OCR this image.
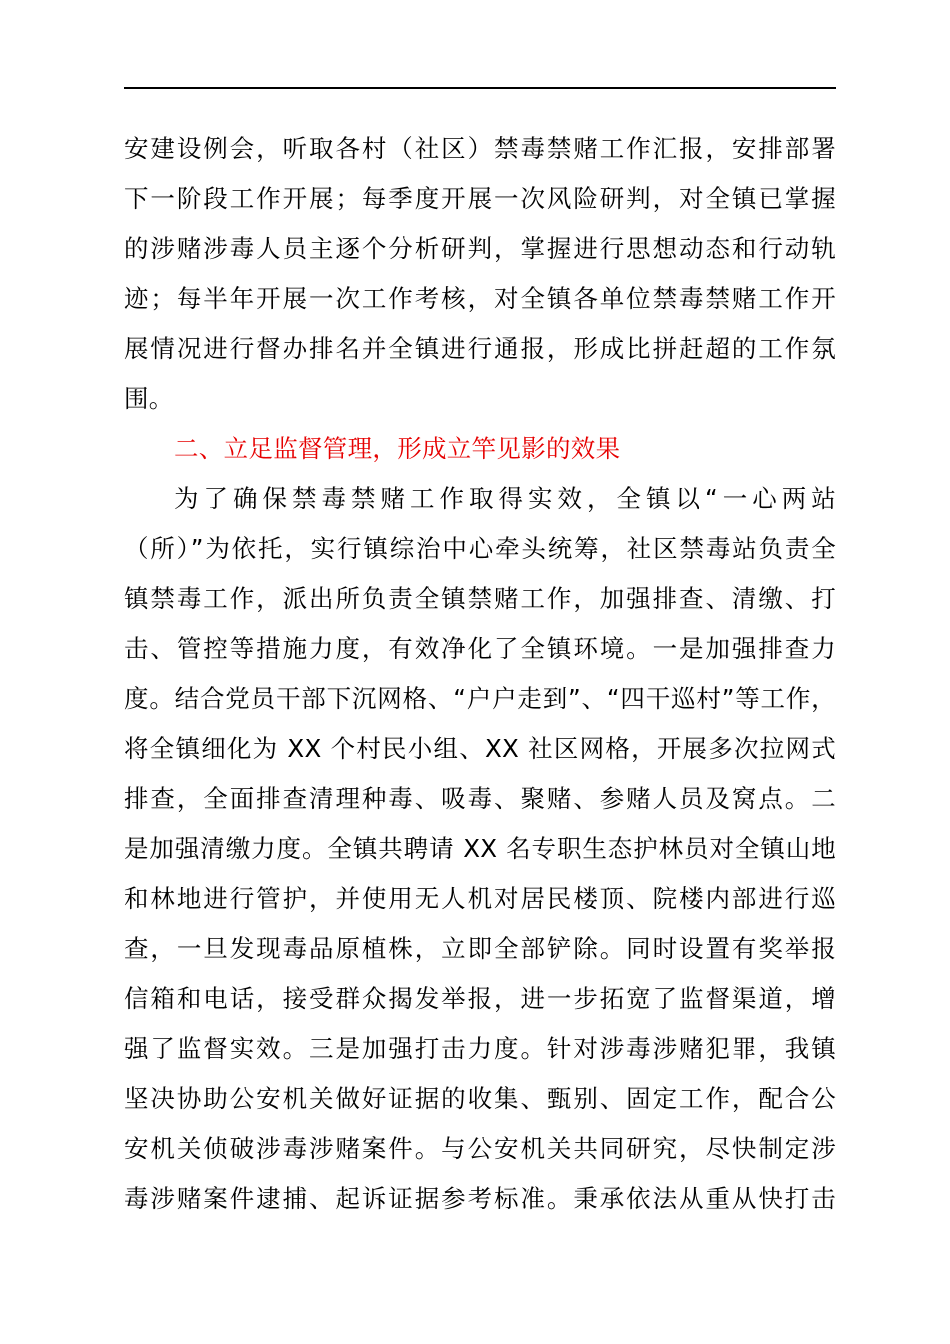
安建设例会，听取各村（社区）禁毒禁赌工作汇报，安排部署
下一阶段工作开展；每季度开展一次风险研判，对全镇已掌握
的涉赌涉毒人员主逐个分析研判，掌握进行思想动态和行动轨
迹；每半年开展一次工作考核，对全镇各单位禁毒禁赌工作开
展情况进行督办排名并全镇进行通报，形成比拼赶超的工作氛
围。
二、立足监督管理，形成立竿见影的效果
为了确保禁毒禁赌工作取得实效，全镇以“一心两站
（所）”为依托，实行镇综治中心牵头统筹，社区禁毒站负责全
镇禁毒工作，派出所负责全镇禁赌工作，加强排查、清缴、打
击、管控等措施力度，有效净化了全镇环境。一是加强排查力
度。结合党员干部下沉网格、“户户走到”、“四干巡村”等工作，
将全镇细化为 XX 个村民小组、XX 社区网格，开展多次拉网式
排查，全面排查清理种毒、吸毒、聚赌、参赌人员及窝点。二
是加强清缴力度。全镇共聘请 XX 名专职生态护林员对全镇山地
和林地进行管护，并使用无人机对居民楼顶、院楼内部进行巡
查，一旦发现毒品原植株，立即全部铲除。同时设置有奖举报
信箱和电话，接受群众揭发举报，进一步拓宽了监督渠道，增
强了监督实效。三是加强打击力度。针对涉毒涉赌犯罪，我镇
坚决协助公安机关做好证据的收集、甄别、固定工作，配合公
安机关侦破涉毒涉赌案件。与公安机关共同研究，尽快制定涉
毒涉赌案件逮捕、起诉证据参考标准。秉承依法从重从快打击
